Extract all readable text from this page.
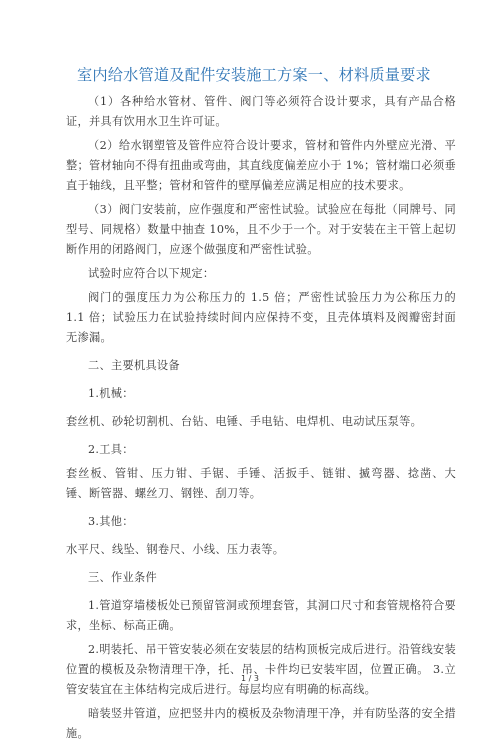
室内给水管道及配件安装施工方案一、材料质量要求

（1）各种给水管材、管件、阀门等必须符合设计要求，具有产品合格证，并具有饮用水卫生许可证。

（2）给水钢塑管及管件应符合设计要求，管材和管件内外壁应光滑、平整；管材轴向不得有扭曲或弯曲，其直线度偏差应小于 1%；管材端口必须垂直于轴线，且平整；管材和管件的壁厚偏差应满足相应的技术要求。

（3）阀门安装前，应作强度和严密性试验。试验应在每批（同牌号、同型号、同规格）数量中抽查 10%，且不少于一个。对于安装在主干管上起切断作用的闭路阀门，应逐个做强度和严密性试验。

试验时应符合以下规定：

阀门的强度压力为公称压力的 1.5 倍；严密性试验压力为公称压力的 1.1 倍；试验压力在试验持续时间内应保持不变，且壳体填料及阀瓣密封面无渗漏。

二、主要机具设备

1.机械：

套丝机、砂轮切割机、台钻、电锤、手电钻、电焊机、电动试压泵等。

2.工具：

套丝板、管钳、压力钳、手锯、手锤、活扳手、链钳、揻弯器、捻凿、大锤、断管器、螺丝刀、钢锉、刮刀等。

3.其他：

水平尺、线坠、钢卷尺、小线、压力表等。

三、作业条件

1.管道穿墙楼板处已预留管洞或预埋套管，其洞口尺寸和套管规格符合要求，坐标、标高正确。

2.明装托、吊干管安装必须在安装层的结构顶板完成后进行。沿管线安装位置的模板及杂物清理干净，托、吊、卡件均已安装牢固，位置正确。 3.立管安装宜在主体结构完成后进行。每层均应有明确的标高线。

暗装竖井管道，应把竖井内的模板及杂物清理干净，并有防坠落的安全措施。

1 / 3
